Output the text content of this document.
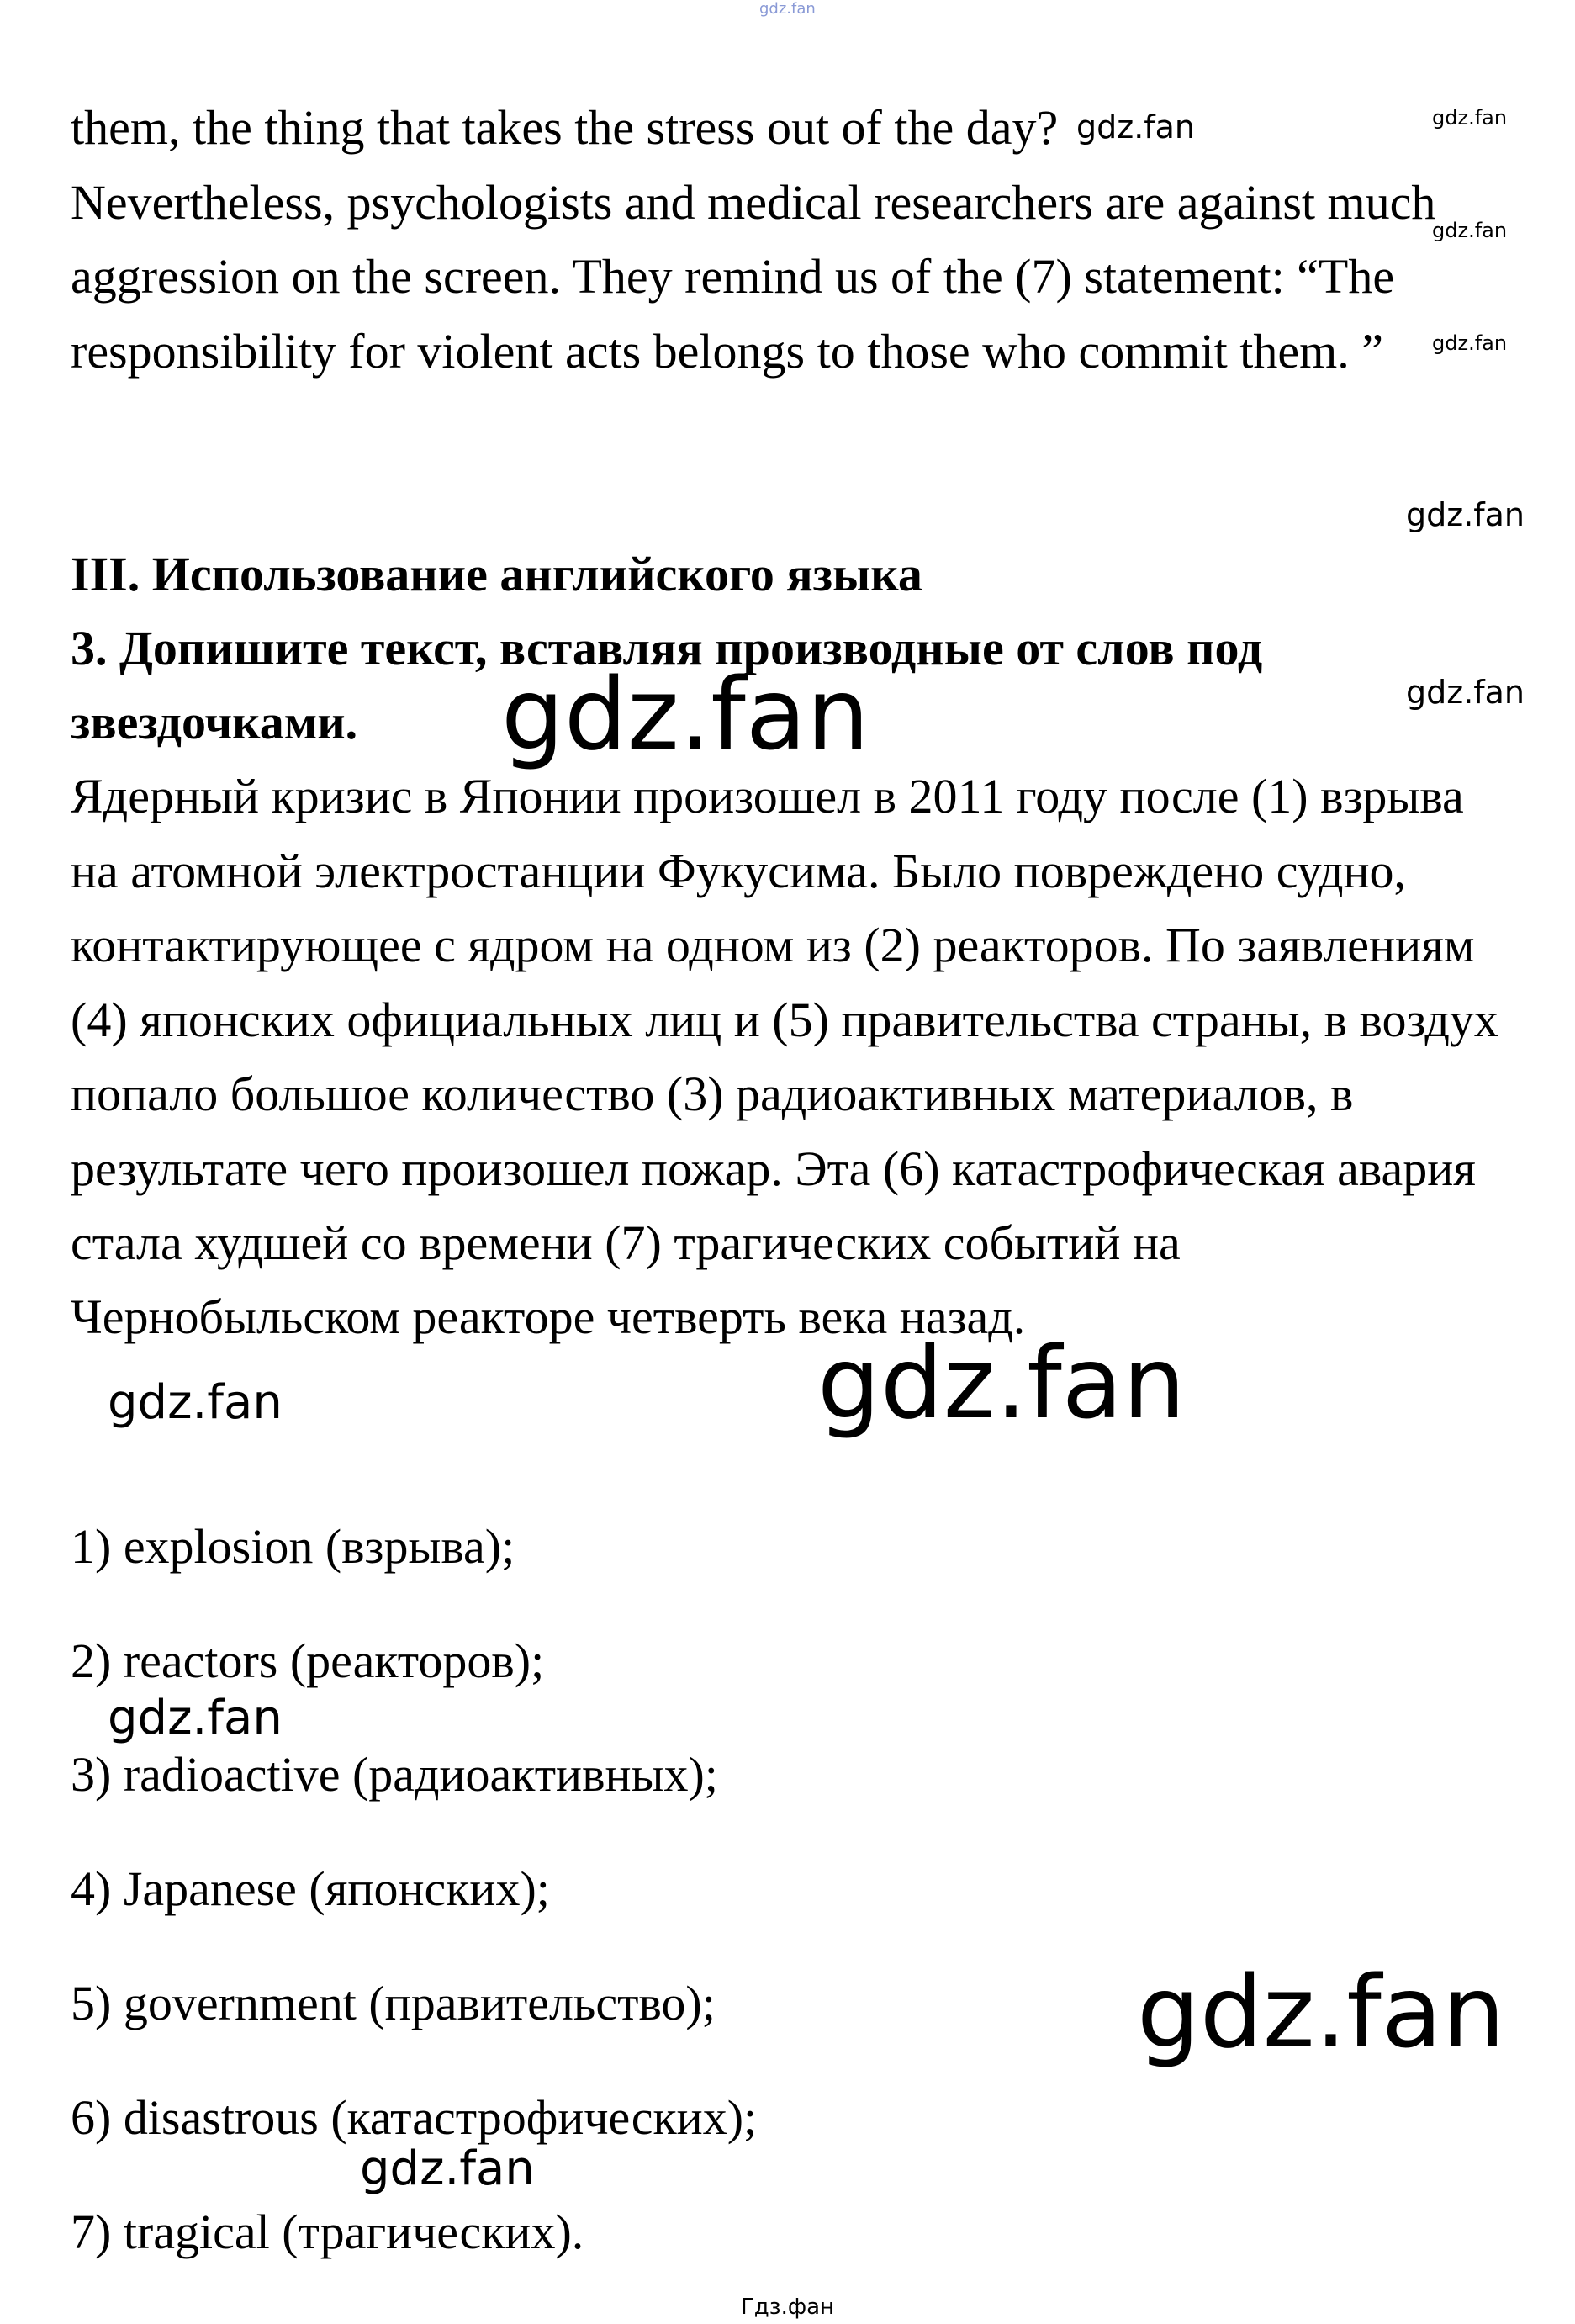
gdz.fan
them, the thing that takes the stress out of the day? gdz.fan
Nevertheless, psychologists and medical researchers are against much
aggression on the screen. They remind us of the (7) statement: “The
responsibility for violent acts belongs to those who commit them. ”
gdz.fan
gdz.fan
gdz.fan
gdz.fan
gdz.fan
III. Использование английского языка
3. Допишите текст, вставляя производные от слов под
звездочками. gdz.fan
Ядерный кризис в Японии произошел в 2011 году после (1) взрыва
на атомной электростанции Фукусима. Было повреждено судно,
контактирующее с ядром на одном из (2) реакторов. По заявлениям
(4) японских официальных лиц и (5) правительства страны, в воздух
попало большое количество (3) радиоактивных материалов, в
результате чего произошел пожар. Эта (6) катастрофическая авария
стала худшей со времени (7) трагических событий на
Чернобыльском реакторе четверть века назад.
gdz.fan	gdz.fan
1) explosion (взрыва);
2) reactors (реакторов);
gdz.fan
3) radioactive (радиоактивных);
4) Japanese (японских);
5) government (правительство);	gdz.fan
6) disastrous (катастрофических);
gdz.fan
7) tragical (трагических).
Гдз.фан
